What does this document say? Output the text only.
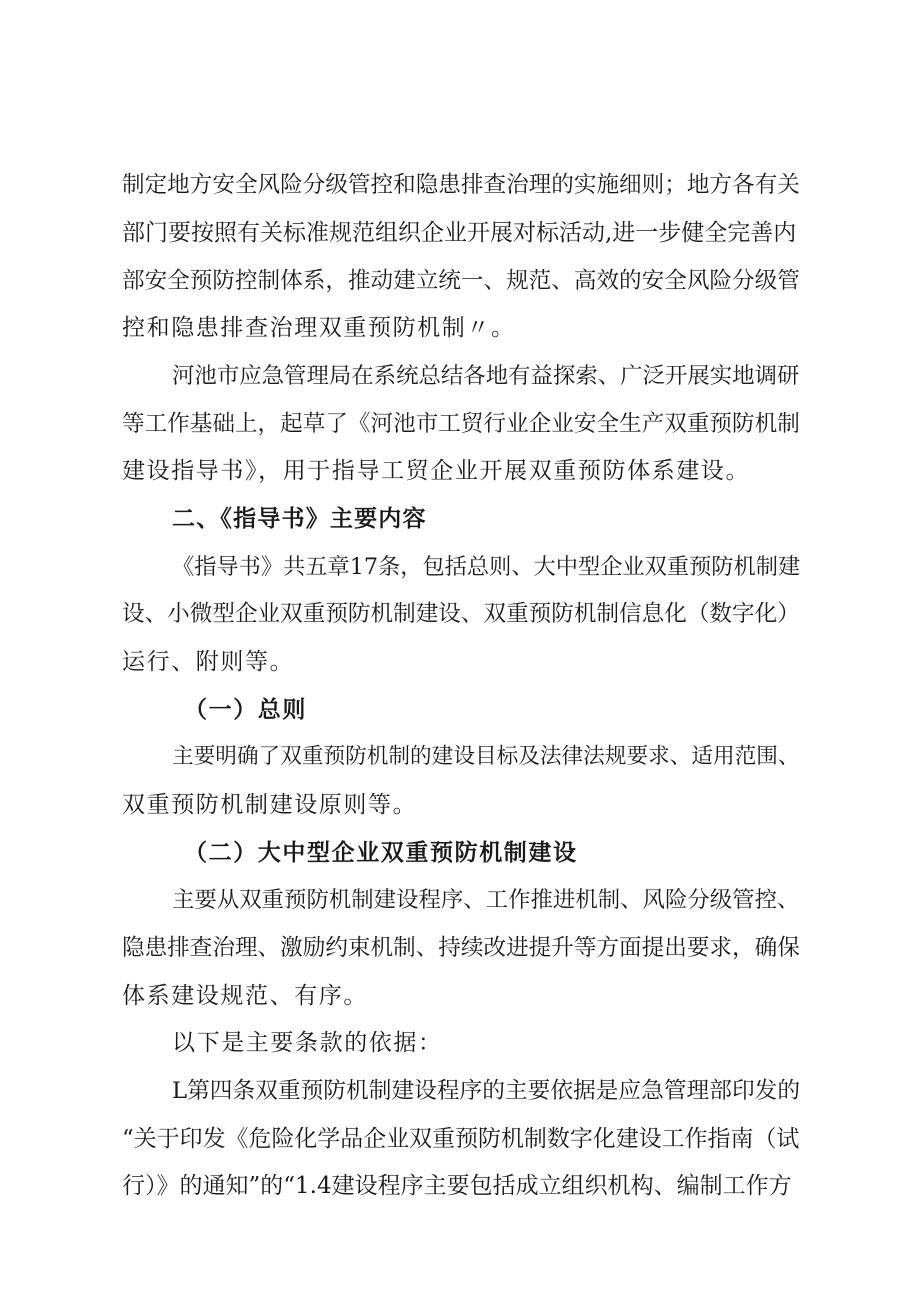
制定地方安全风险分级管控和隐患排查治理的实施细则；地方各有关
部门要按照有关标准规范组织企业开展对标活动,进一步健全完善内
部安全预防控制体系，推动建立统一、规范、高效的安全风险分级管
控和隐患排查治理双重预防机制〃。
河池市应急管理局在系统总结各地有益探索、广泛开展实地调研
等工作基础上，起草了《河池市工贸行业企业安全生产双重预防机制
建设指导书》，用于指导工贸企业开展双重预防体系建设。
二、《指导书》主要内容
《指导书》共五章17条，包括总则、大中型企业双重预防机制建
设、小微型企业双重预防机制建设、双重预防机制信息化（数字化）
运行、附则等。
（一）总则
主要明确了双重预防机制的建设目标及法律法规要求、适用范围、
双重预防机制建设原则等。
（二）大中型企业双重预防机制建设
主要从双重预防机制建设程序、工作推进机制、风险分级管控、
隐患排查治理、激励约束机制、持续改进提升等方面提出要求，确保
体系建设规范、有序。
以下是主要条款的依据：
L第四条双重预防机制建设程序的主要依据是应急管理部印发的
“关于印发《危险化学品企业双重预防机制数字化建设工作指南（试
行）》的通知”的“1.4建设程序主要包括成立组织机构、编制工作方
